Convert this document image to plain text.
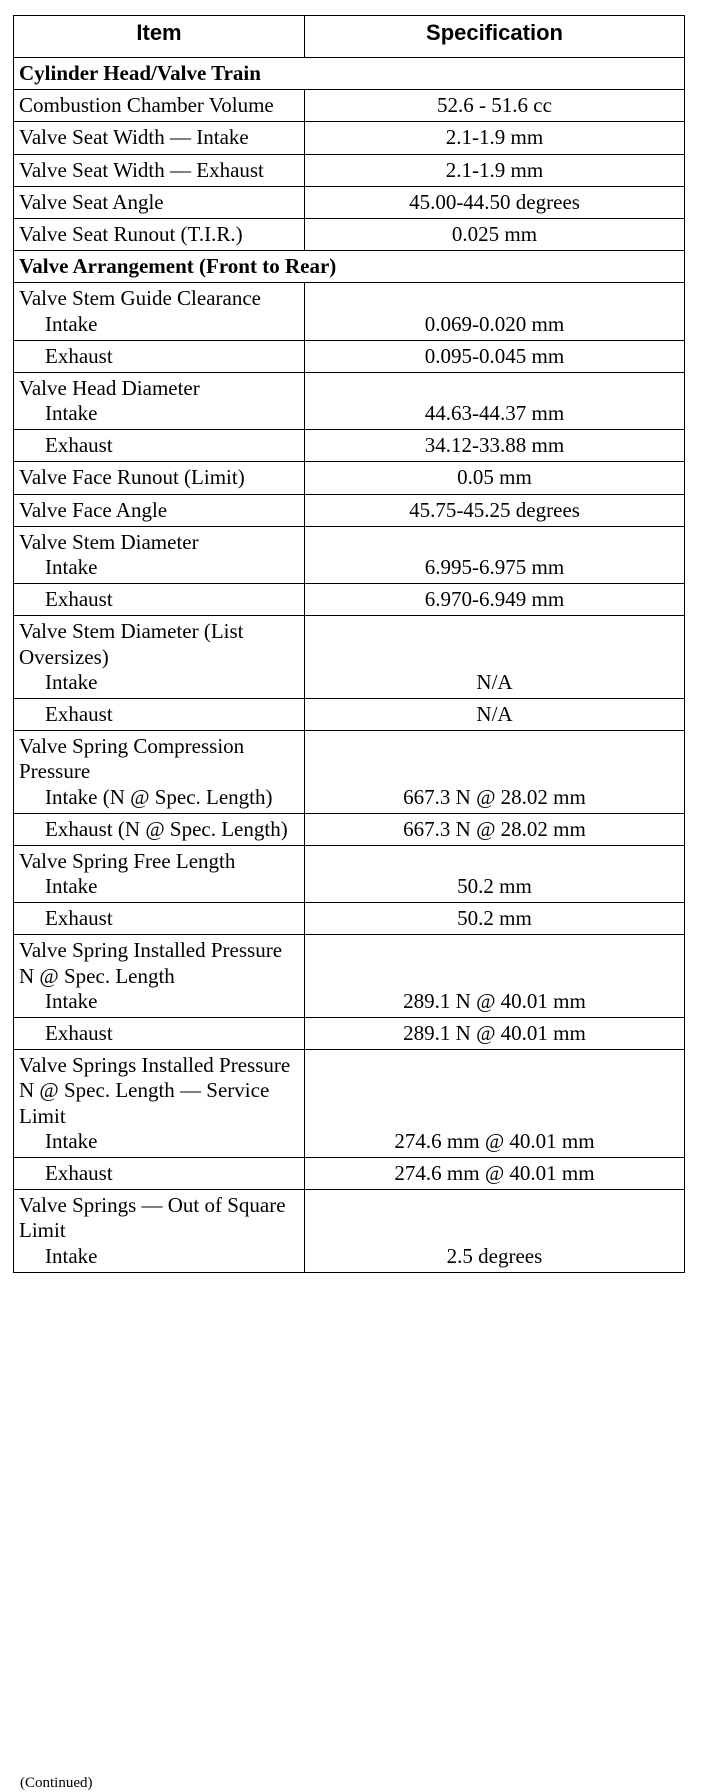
Item	Specification
Cylinder Head/Valve Train	
Combustion Chamber Volume	52.6 - 51.6 cc
Valve Seat Width — Intake	2.1-1.9 mm
Valve Seat Width — Exhaust	2.1-1.9 mm
Valve Seat Angle	45.00-44.50 degrees
Valve Seat Runout (T.I.R.)	0.025 mm
Valve Arrangement (Front to Rear)	
Valve Stem Guide Clearance
Intake	0.069-0.020 mm

Exhaust	0.095-0.045 mm
Valve Head Diameter
Intake	44.63-44.37 mm

Exhaust	34.12-33.88 mm
Valve Face Runout (Limit)	0.05 mm
Valve Face Angle	45.75-45.25 degrees
Valve Stem Diameter
Intake	6.995-6.975 mm

Exhaust	6.970-6.949 mm
Valve Stem Diameter (List Oversizes)
Intake	N/A

Exhaust	N/A
Valve Spring Compression Pressure
Intake (N @ Spec. Length)	667.3 N @ 28.02 mm

Exhaust (N @ Spec. Length)	667.3 N @ 28.02 mm
Valve Spring Free Length
Intake	50.2 mm

Exhaust	50.2 mm
Valve Spring Installed Pressure N @ Spec. Length
Intake	289.1 N @ 40.01 mm

Exhaust	289.1 N @ 40.01 mm
Valve Springs Installed Pressure N @ Spec. Length — Service Limit
Intake	274.6 mm @ 40.01 mm

Exhaust	274.6 mm @ 40.01 mm
Valve Springs — Out of Square Limit
Intake	2.5 degrees
(Continued)
